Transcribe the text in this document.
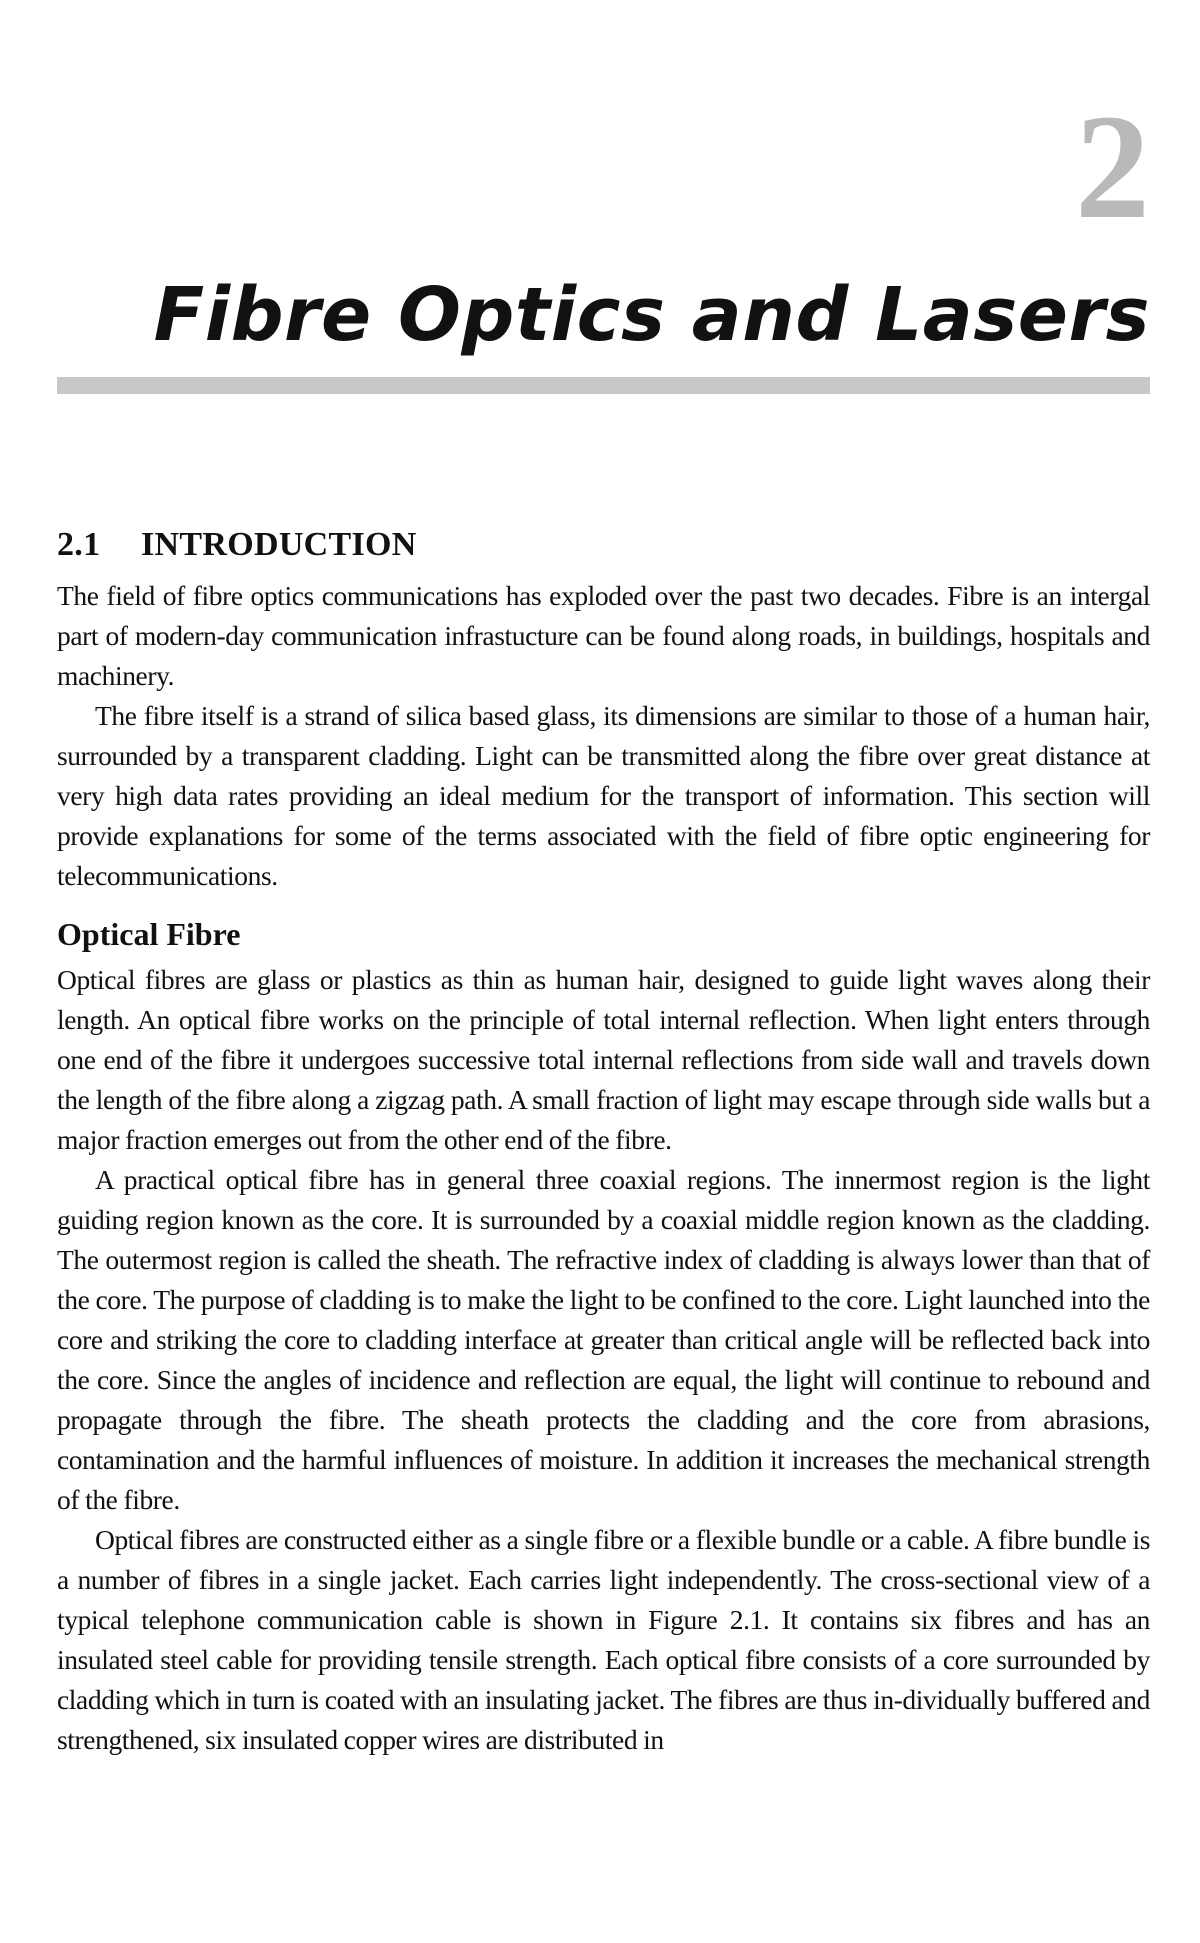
2
Fibre Optics and Lasers
2.1 INTRODUCTION

The field of fibre optics communications has exploded over the past two decades. Fibre is an intergal part of modern-day communication infrastucture can be found along roads, in buildings, hospitals and machinery.

The fibre itself is a strand of silica based glass, its dimensions are similar to those of a human hair, surrounded by a transparent cladding. Light can be transmitted along the fibre over great distance at very high data rates providing an ideal medium for the transport of information. This section will provide explanations for some of the terms associated with the field of fibre optic engineering for telecommunications.

Optical Fibre

Optical fibres are glass or plastics as thin as human hair, designed to guide light waves along their length. An optical fibre works on the principle of total internal reflection. When light enters through one end of the fibre it undergoes successive total internal reflections from side wall and travels down the length of the fibre along a zigzag path. A small fraction of light may escape through side walls but a major fraction emerges out from the other end of the fibre.

A practical optical fibre has in general three coaxial regions. The innermost region is the light guiding region known as the core. It is surrounded by a coaxial middle region known as the cladding. The outermost region is called the sheath. The refractive index of cladding is always lower than that of the core. The purpose of cladding is to make the light to be confined to the core. Light launched into the core and striking the core to cladding interface at greater than critical angle will be reflected back into the core. Since the angles of incidence and reflection are equal, the light will continue to rebound and propagate through the fibre. The sheath protects the cladding and the core from abrasions, contamination and the harmful influences of moisture. In addition it increases the mechanical strength of the fibre.

Optical fibres are constructed either as a single fibre or a flexible bundle or a cable. A fibre bundle is a number of fibres in a single jacket. Each carries light independently. The cross-sectional view of a typical telephone communication cable is shown in Figure 2.1. It contains six fibres and has an insulated steel cable for providing tensile strength. Each optical fibre consists of a core surrounded by cladding which in turn is coated with an insulating jacket. The fibres are thus in-dividually buffered and strengthened, six insulated copper wires are distributed in
